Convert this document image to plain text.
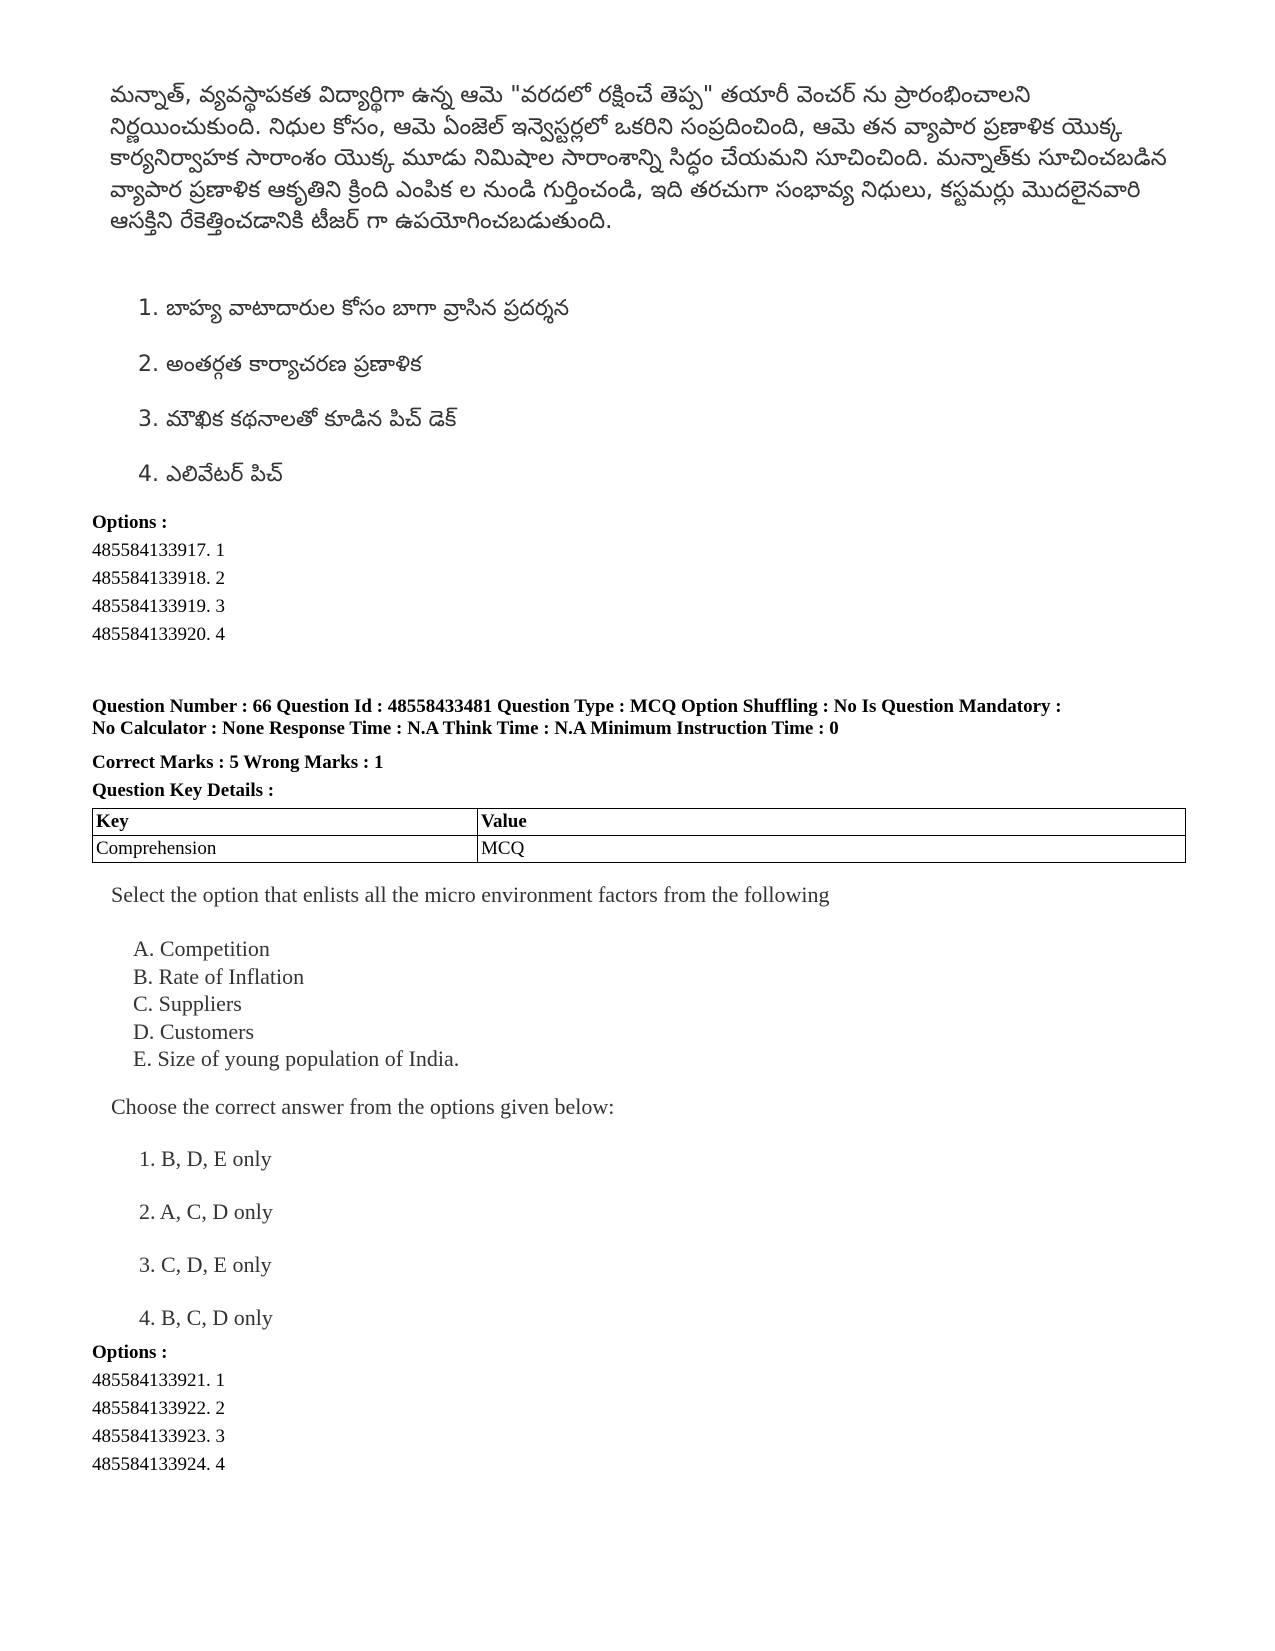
మన్నాత్, వ్యవస్థాపకత విద్యార్థిగా ఉన్న ఆమె "వరదలో రక్షించే తెప్ప" తయారీ వెంచర్ ను ప్రారంభించాలని నిర్ణయించుకుంది. నిధుల కోసం, ఆమె ఏంజెల్ ఇన్వెస్టర్లలో ఒకరిని సంప్రదించింది, ఆమె తన వ్యాపార ప్రణాళిక యొక్క కార్యనిర్వాహక సారాంశం యొక్క మూడు నిమిషాల సారాంశాన్ని సిద్ధం చేయమని సూచించింది. మన్నాత్‌కు సూచించబడిన వ్యాపార ప్రణాళిక ఆకృతిని క్రింది ఎంపిక ల నుండి గుర్తించండి, ఇది తరచుగా సంభావ్య నిధులు, కస్టమర్లు మొదలైనవారి ఆసక్తిని రేకెత్తించడానికి టీజర్ గా ఉపయోగించబడుతుంది.
1. బాహ్య వాటాదారుల కోసం బాగా వ్రాసిన ప్రదర్శన
2. అంతర్గత కార్యాచరణ ప్రణాళిక
3. మౌఖిక కథనాలతో కూడిన పిచ్ డెక్
4. ఎలివేటర్ పిచ్
Options :
485584133917. 1
485584133918. 2
485584133919. 3
485584133920. 4
Question Number : 66 Question Id : 48558433481 Question Type : MCQ Option Shuffling : No Is Question Mandatory :
No Calculator : None Response Time : N.A Think Time : N.A Minimum Instruction Time : 0
Correct Marks : 5 Wrong Marks : 1
Question Key Details :
Key	Value
Comprehension	MCQ
Select the option that enlists all the micro environment factors from the following
A. Competition
B. Rate of Inflation
C. Suppliers
D. Customers
E. Size of young population of India.
Choose the correct answer from the options given below:
1. B, D, E only
2. A, C, D only
3. C, D, E only
4. B, C, D only
Options :
485584133921. 1
485584133922. 2
485584133923. 3
485584133924. 4
